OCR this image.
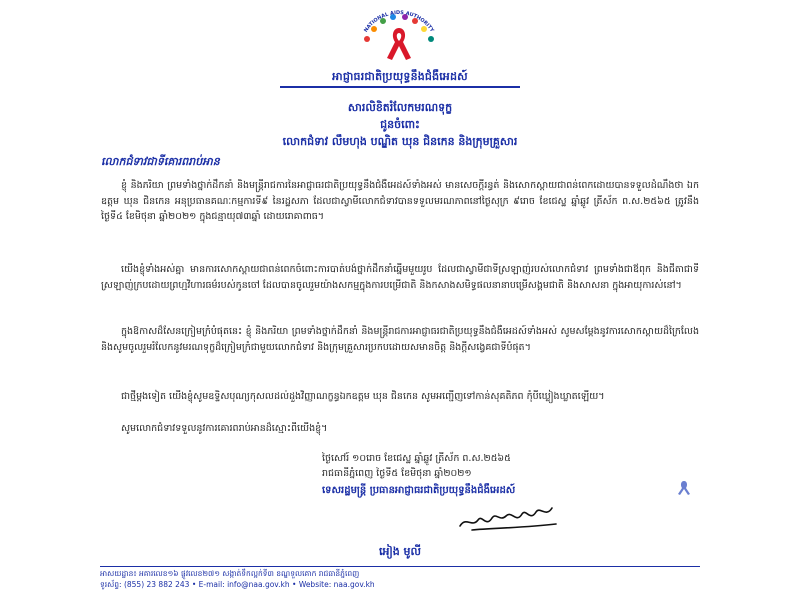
NATIONAL AIDS AUTHORITY
អាជ្ញាធរជាតិប្រយុទ្ធនឹងជំងឺអេដស៍
សារលិខិតរំលែកមរណទុក្ខ
ជូនចំពោះ
លោកជំទាវ លឹមហុង បណ្ឌិត ឃុន ជិនកេន និងក្រុមគ្រួសារ
លោកជំទាវជាទីគោរពរាប់អាន
ខ្ញុំ និងភរិយា ព្រមទាំងថ្នាក់ដឹកនាំ និងមន្ត្រីរាជការនៃអាជ្ញាធរជាតិប្រយុទ្ធនឹងជំងឺអេដស៍ទាំងអស់ មានសេចក្តីរន្ធត់ និងសោកស្តាយជាពន់ពេកដោយបានទទួលដំណឹងថា ឯកឧត្តម ឃុន ជិនកេន អនុប្រធានគណៈកម្មការទី៩ នៃរដ្ឋសភា ដែលជាស្វាមីលោកជំទាវបានទទួលមរណភាពនៅថ្ងៃសុក្រ ៩រោច ខែជេស្ឋ ឆ្នាំឆ្លូវ ត្រីស័ក ព.ស.២៥៦៥ ត្រូវនឹងថ្ងៃទី៤ ខែមិថុនា ឆ្នាំ២០២១ ក្នុងជន្មាយុ៧៣ឆ្នាំ ដោយរោគាពាធ។
យើងខ្ញុំទាំងអស់គ្នា មានការសោកស្តាយជាពន់ពេកចំពោះការបាត់បង់ថ្នាក់ដឹកនាំឆ្នើមមួយរូប ដែលជាស្វាមីជាទីស្រឡាញ់របស់លោកជំទាវ ព្រមទាំងជាឪពុក និងជីតាជាទីស្រឡាញ់ក្របដោយព្រហ្មវិហារធម៌របស់កូនចៅ ដែលបានចូលរួមយ៉ាងសកម្មក្នុងការបម្រើជាតិ និងកសាងសមិទ្ធផលនានាបម្រើសង្គមជាតិ និងសាសនា ក្នុងអាយុការស់នៅ។
ក្នុងឱកាសដ៏សែនក្រៀមក្រំបំផុតនេះ ខ្ញុំ និងភរិយា ព្រមទាំងថ្នាក់ដឹកនាំ និងមន្ត្រីរាជការអាជ្ញាធរជាតិប្រយុទ្ធនឹងជំងឺអេដស៍ទាំងអស់ សូមសម្តែងនូវការសោកស្តាយដ៏ក្រៃលែង និងសូមចូលរួមរំលែកនូវមរណទុក្ខដ៏ក្រៀមក្រំជាមួយលោកជំទាវ និងក្រុមគ្រួសារប្រកបដោយសមានចិត្ត និងក្តីសង្វេគជាទីបំផុត។
ជាថ្មីម្តងទៀត យើងខ្ញុំសូមឧទ្ទិសបុណ្យកុសលដល់ដួងវិញ្ញាណក្ខន្ធឯកឧត្តម ឃុន ជិនកេន សូមអញ្ជើញទៅកាន់សុគតិភព កុំបីឃ្លៀងឃ្លាតឡើយ។
សូមលោកជំទាវទទួលនូវការគោរពរាប់អានដ៏ស្មោះពីយើងខ្ញុំ។
ថ្ងៃសៅរ៍ ១០រោច ខែជេស្ឋ ឆ្នាំឆ្លូវ ត្រីស័ក ព.ស.២៥៦៥
រាជធានីភ្នំពេញ ថ្ងៃទី៥ ខែមិថុនា ឆ្នាំ២០២១
ទេសរដ្ឋមន្ត្រី ប្រធានអាជ្ញាធរជាតិប្រយុទ្ធនឹងជំងឺអេដស៍
អៀង មូលី
អាសយដ្ឋាន៖ អគារលេខ១៦ ផ្លូវលេខ២៧១ សង្កាត់ទឹកល្អក់ទី៣ ខណ្ឌទួលគោក រាជធានីភ្នំពេញ
ទូរស័ព្ទ: (855) 23 882 243 • E-mail: info@naa.gov.kh • Website: naa.gov.kh
